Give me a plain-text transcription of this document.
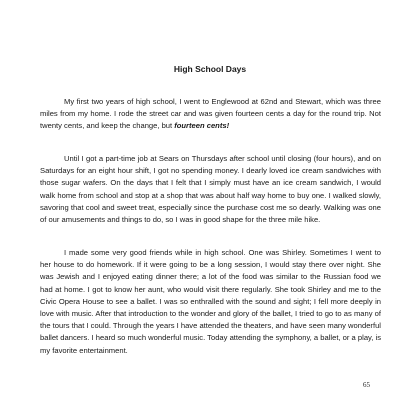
High School Days

My first two years of high school, I went to Englewood at 62nd and Stewart, which was three miles from my home. I rode the street car and was given fourteen cents a day for the round trip. Not twenty cents, and keep the change, but fourteen cents!

Until I got a part-time job at Sears on Thursdays after school until closing (four hours), and on Saturdays for an eight hour shift, I got no spending money. I dearly loved ice cream sandwiches with those sugar wafers. On the days that I felt that I simply must have an ice cream sandwich, I would walk home from school and stop at a shop that was about half way home to buy one. I walked slowly, savoring that cool and sweet treat, especially since the purchase cost me so dearly. Walking was one of our amusements and things to do, so I was in good shape for the three mile hike.

I made some very good friends while in high school. One was Shirley. Sometimes I went to her house to do homework. If it were going to be a long session, I would stay there over night. She was Jewish and I enjoyed eating dinner there; a lot of the food was similar to the Russian food we had at home. I got to know her aunt, who would visit there regularly. She took Shirley and me to the Civic Opera House to see a ballet. I was so enthralled with the sound and sight; I fell more deeply in love with music. After that introduction to the wonder and glory of the ballet, I tried to go to as many of the tours that I could. Through the years I have attended the theaters, and have seen many wonderful ballet dancers. I heard so much wonderful music. Today attending the symphony, a ballet, or a play, is my favorite entertainment.

65
